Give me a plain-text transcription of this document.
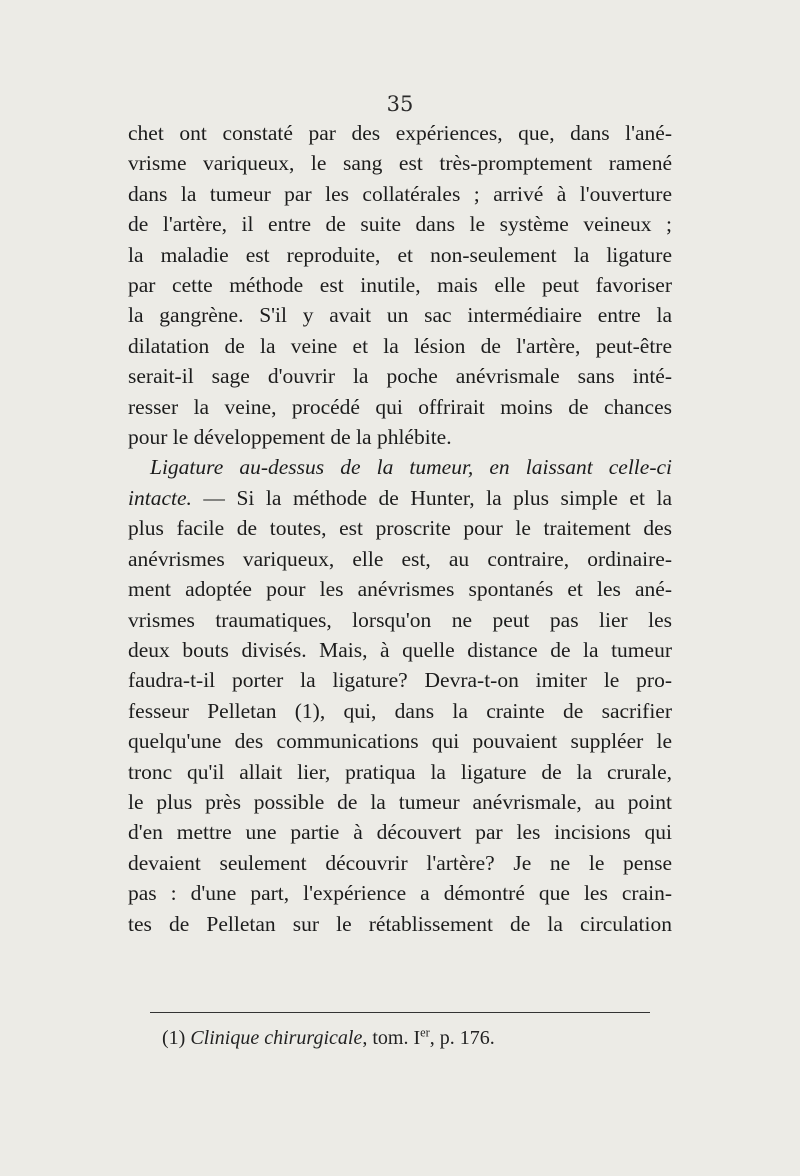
35
chet ont constaté par des expériences, que, dans l'ané-
vrisme variqueux, le sang est très-promptement ramené
dans la tumeur par les collatérales ; arrivé à l'ouverture
de l'artère, il entre de suite dans le système veineux ;
la maladie est reproduite, et non-seulement la ligature
par cette méthode est inutile, mais elle peut favoriser
la gangrène. S'il y avait un sac intermédiaire entre la
dilatation de la veine et la lésion de l'artère, peut-être
serait-il sage d'ouvrir la poche anévrismale sans inté-
resser la veine, procédé qui offrirait moins de chances
pour le développement de la phlébite.
Ligature au-dessus de la tumeur, en laissant celle-ci
intacte. — Si la méthode de Hunter, la plus simple et la
plus facile de toutes, est proscrite pour le traitement des
anévrismes variqueux, elle est, au contraire, ordinaire-
ment adoptée pour les anévrismes spontanés et les ané-
vrismes traumatiques, lorsqu'on ne peut pas lier les
deux bouts divisés. Mais, à quelle distance de la tumeur
faudra-t-il porter la ligature? Devra-t-on imiter le pro-
fesseur Pelletan (1), qui, dans la crainte de sacrifier
quelqu'une des communications qui pouvaient suppléer le
tronc qu'il allait lier, pratiqua la ligature de la crurale,
le plus près possible de la tumeur anévrismale, au point
d'en mettre une partie à découvert par les incisions qui
devaient seulement découvrir l'artère? Je ne le pense
pas : d'une part, l'expérience a démontré que les crain-
tes de Pelletan sur le rétablissement de la circulation
(1) Clinique chirurgicale, tom. Ier, p. 176.
